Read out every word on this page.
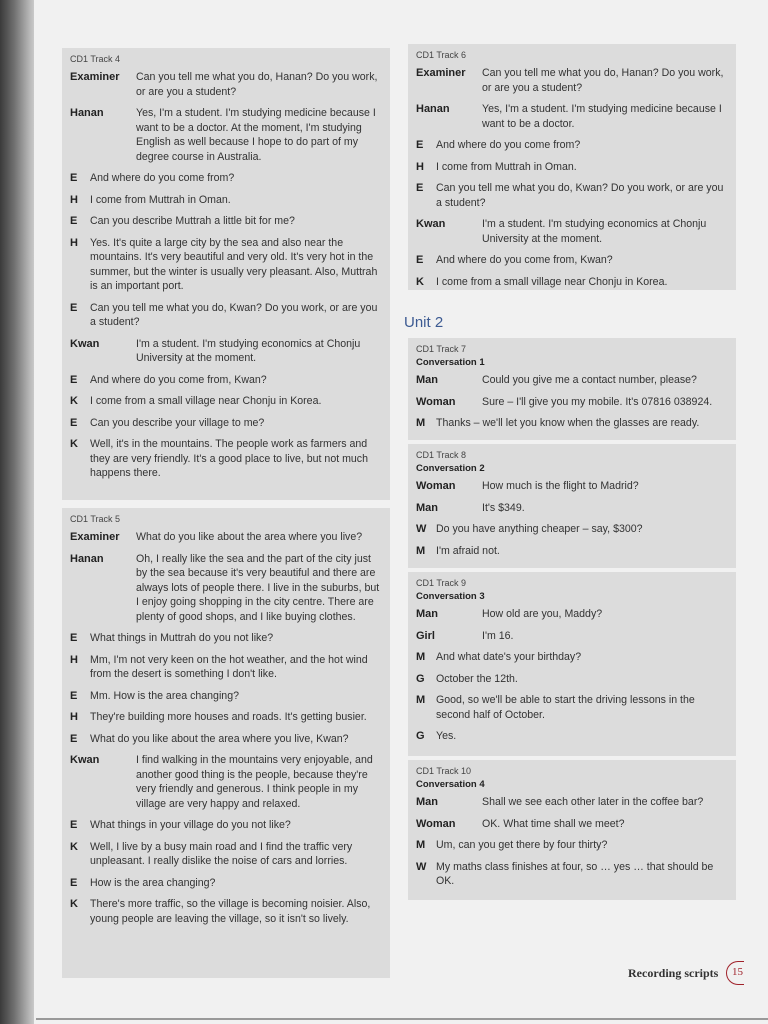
CD1 Track 4
Examiner	Can you tell me what you do, Hanan? Do you work, or are you a student?
Hanan	Yes, I'm a student. I'm studying medicine because I want to be a doctor. At the moment, I'm studying English as well because I hope to do part of my degree course in Australia.
E	And where do you come from?
H	I come from Muttrah in Oman.
E	Can you describe Muttrah a little bit for me?
H	Yes. It's quite a large city by the sea and also near the mountains. It's very beautiful and very old. It's very hot in the summer, but the winter is usually very pleasant. Also, Muttrah is an important port.
E	Can you tell me what you do, Kwan? Do you work, or are you a student?
Kwan	I'm a student. I'm studying economics at Chonju University at the moment.
E	And where do you come from, Kwan?
K	I come from a small village near Chonju in Korea.
E	Can you describe your village to me?
K	Well, it's in the mountains. The people work as farmers and they are very friendly. It's a good place to live, but not much happens there.
CD1 Track 5
Examiner	What do you like about the area where you live?
Hanan	Oh, I really like the sea and the part of the city just by the sea because it's very beautiful and there are always lots of people there. I live in the suburbs, but I enjoy going shopping in the city centre. There are plenty of good shops, and I like buying clothes.
E	What things in Muttrah do you not like?
H	Mm, I'm not very keen on the hot weather, and the hot wind from the desert is something I don't like.
E	Mm. How is the area changing?
H	They're building more houses and roads. It's getting busier.
E	What do you like about the area where you live, Kwan?
Kwan	I find walking in the mountains very enjoyable, and another good thing is the people, because they're very friendly and generous. I think people in my village are very happy and relaxed.
E	What things in your village do you not like?
K	Well, I live by a busy main road and I find the traffic very unpleasant. I really dislike the noise of cars and lorries.
E	How is the area changing?
K	There's more traffic, so the village is becoming noisier. Also, young people are leaving the village, so it isn't so lively.
CD1 Track 6
Examiner	Can you tell me what you do, Hanan? Do you work, or are you a student?
Hanan	Yes, I'm a student. I'm studying medicine because I want to be a doctor.
E	And where do you come from?
H	I come from Muttrah in Oman.
E	Can you tell me what you do, Kwan? Do you work, or are you a student?
Kwan	I'm a student. I'm studying economics at Chonju University at the moment.
E	And where do you come from, Kwan?
K	I come from a small village near Chonju in Korea.
Unit 2
CD1 Track 7
Conversation 1
Man	Could you give me a contact number, please?
Woman	Sure – I'll give you my mobile. It's 07816 038924.
M	Thanks – we'll let you know when the glasses are ready.
CD1 Track 8
Conversation 2
Woman	How much is the flight to Madrid?
Man	It's $349.
W Do you have anything cheaper – say, $300?
M	I'm afraid not.
CD1 Track 9
Conversation 3
Man	How old are you, Maddy?
Girl	I'm 16.
M	And what date's your birthday?
G	October the 12th.
M	Good, so we'll be able to start the driving lessons in the second half of October.
G	Yes.
CD1 Track 10
Conversation 4
Man	Shall we see each other later in the coffee bar?
Woman	OK. What time shall we meet?
M	Um, can you get there by four thirty?
W My maths class finishes at four, so … yes … that should be OK.
Recording scripts	15
